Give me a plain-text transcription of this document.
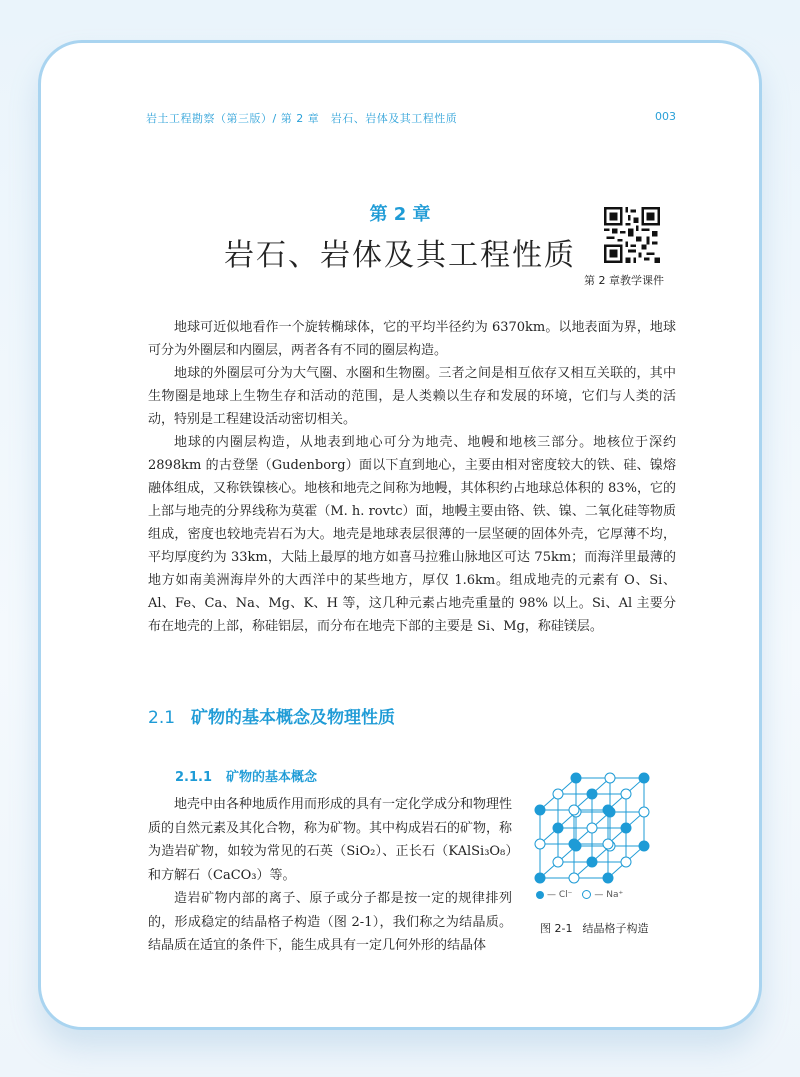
岩土工程勘察（第三版）/ 第 2 章　岩石、岩体及其工程性质	003
第 2 章
岩石、岩体及其工程性质
第 2 章教学课件

地球可近似地看作一个旋转椭球体，它的平均半径约为 6370km。以地表面为界，地球可分为外圈层和内圈层，两者各有不同的圈层构造。

地球的外圈层可分为大气圈、水圈和生物圈。三者之间是相互依存又相互关联的，其中生物圈是地球上生物生存和活动的范围，是人类赖以生存和发展的环境，它们与人类的活动，特别是工程建设活动密切相关。

地球的内圈层构造，从地表到地心可分为地壳、地幔和地核三部分。地核位于深约 2898km 的古登堡（Gudenborg）面以下直到地心，主要由相对密度较大的铁、硅、镍熔融体组成，又称铁镍核心。地核和地壳之间称为地幔，其体积约占地球总体积的 83%，它的上部与地壳的分界线称为莫霍（M. h. rovtc）面，地幔主要由铬、铁、镍、二氧化硅等物质组成，密度也较地壳岩石为大。地壳是地球表层很薄的一层坚硬的固体外壳，它厚薄不均，平均厚度约为 33km，大陆上最厚的地方如喜马拉雅山脉地区可达 75km；而海洋里最薄的地方如南美洲海岸外的大西洋中的某些地方，厚仅 1.6km。组成地壳的元素有 O、Si、Al、Fe、Ca、Na、Mg、K、H 等，这几种元素占地壳重量的 98% 以上。Si、Al 主要分布在地壳的上部，称硅铝层，而分布在地壳下部的主要是 Si、Mg，称硅镁层。

2.1 矿物的基本概念及物理性质
2.1.1 矿物的基本概念

地壳中由各种地质作用而形成的具有一定化学成分和物理性质的自然元素及其化合物，称为矿物。其中构成岩石的矿物，称为造岩矿物，如较为常见的石英（SiO₂）、正长石（KAlSi₃O₈）和方解石（CaCO₃）等。

造岩矿物内部的离子、原子或分子都是按一定的规律排列的，形成稳定的结晶格子构造（图 2-1），我们称之为结晶质。结晶质在适宜的条件下，能生成具有一定几何外形的结晶体

— Cl⁻	— Na⁺
图 2-1 结晶格子构造
